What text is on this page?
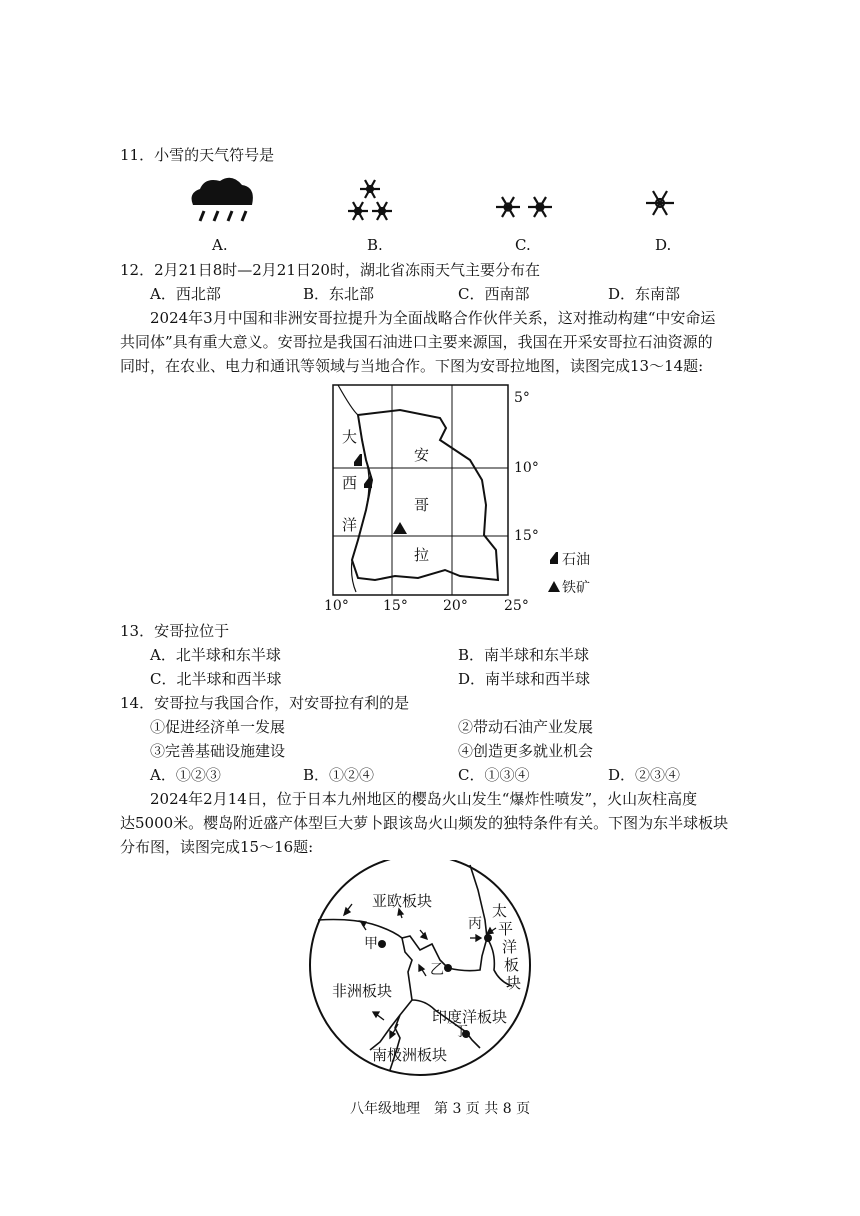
11．小雪的天气符号是
A.	B.	C.	D.
12．2月21日8时—2月21日20时，湖北省冻雨天气主要分布在
A．西北部	B．东北部	C．西南部	D．东南部
2024年3月中国和非洲安哥拉提升为全面战略合作伙伴关系，这对推动构建“中安命运
共同体”具有重大意义。安哥拉是我国石油进口主要来源国，我国在开采安哥拉石油资源的
同时，在农业、电力和通讯等领域与当地合作。下图为安哥拉地图，读图完成13～14题:
大
西
洋
安
哥
拉
5°
10°
15°
10° 15°	20°	25°
石油
铁矿
13．安哥拉位于
A．北半球和东半球	B．南半球和东半球
C．北半球和西半球	D．南半球和西半球
14．安哥拉与我国合作，对安哥拉有利的是
①促进经济单一发展	②带动石油产业发展
③完善基础设施建设	④创造更多就业机会
A．①②③	B．①②④	C．①③④	D．②③④
2024年2月14日，位于日本九州地区的樱岛火山发生“爆炸性喷发”，火山灰柱高度
达5000米。樱岛附近盛产体型巨大萝卜跟该岛火山频发的独特条件有关。下图为东半球板块
分布图，读图完成15～16题:
亚欧板块
非洲板块
印度洋板块
南极洲板块
太
平
洋
板
块
甲
乙
丙
丁
八年级地理　第 3 页 共 8 页
